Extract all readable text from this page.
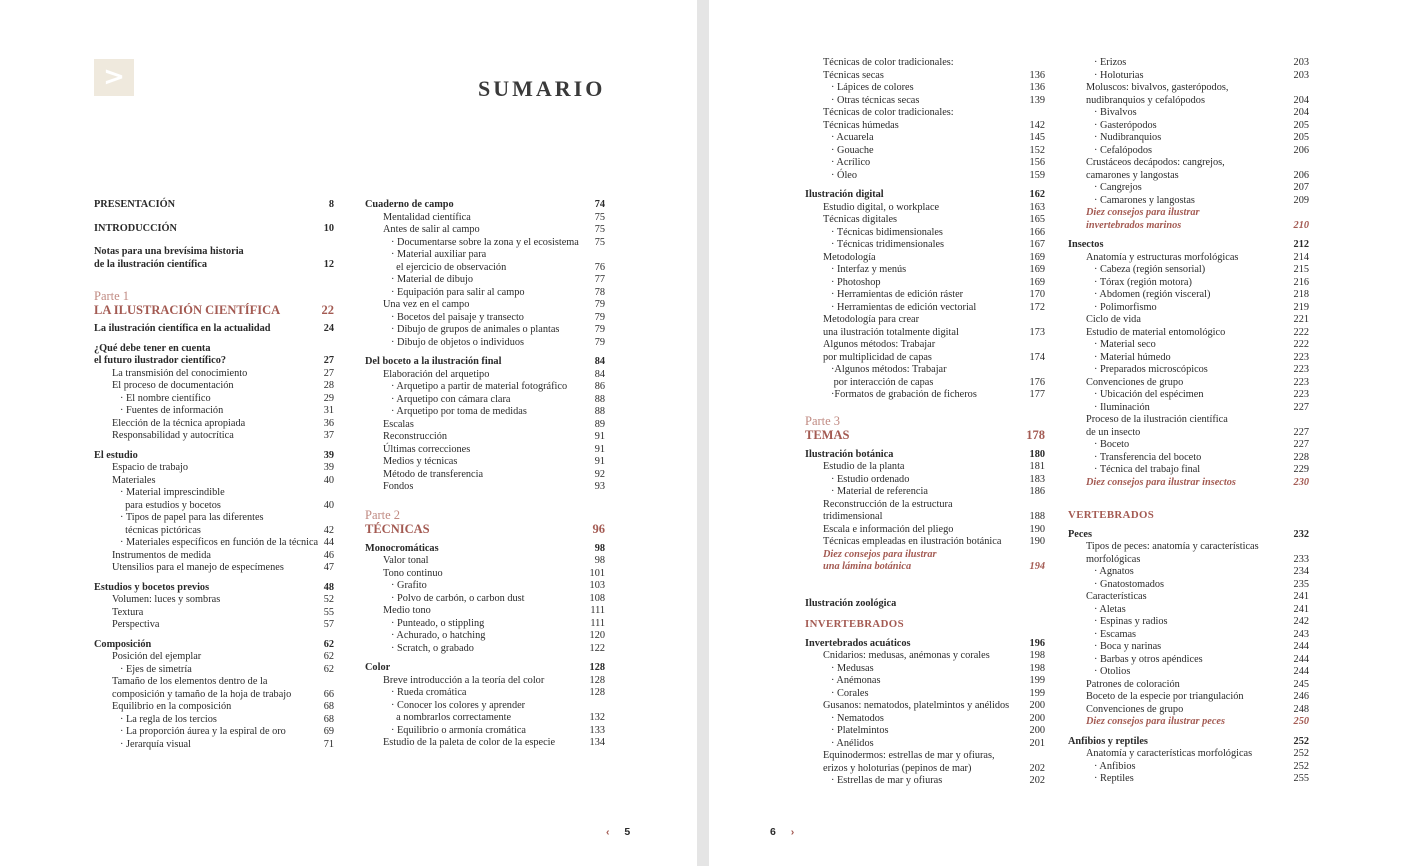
>	SUMARIO
PRESENTACIÓN	8
INTRODUCCIÓN	10
Notas para una brevísima historia
de la ilustración científica	12
Parte 1
LA ILUSTRACIÓN CIENTÍFICA	22
La ilustración científica en la actualidad	24
¿Qué debe tener en cuenta
el futuro ilustrador científico?	27
La transmisión del conocimiento	27
El proceso de documentación	28
· El nombre científico	29
· Fuentes de información	31
Elección de la técnica apropiada	36
Responsabilidad y autocrítica	37
El estudio	39
Espacio de trabajo	39
Materiales	40
· Material imprescindible
para estudios y bocetos	40
· Tipos de papel para las diferentes
técnicas pictóricas	42
· Materiales específicos en función de la técnica 44
Instrumentos de medida	46
Utensilios para el manejo de especímenes	47
Estudios y bocetos previos	48
Volumen: luces y sombras	52
Textura	55
Perspectiva	57
Composición	62
Posición del ejemplar	62
· Ejes de simetría	62
Tamaño de los elementos dentro de la
composición y tamaño de la hoja de trabajo	66
Equilibrio en la composición	68
· La regla de los tercios	68
· La proporción áurea y la espiral de oro	69
· Jerarquía visual	71
Cuaderno de campo	74
Mentalidad científica	75
Antes de salir al campo	75
· Documentarse sobre la zona y el ecosistema	75
· Material auxiliar para
el ejercicio de observación	76
· Material de dibujo	77
· Equipación para salir al campo	78
Una vez en el campo	79
· Bocetos del paisaje y transecto	79
· Dibujo de grupos de animales o plantas	79
· Dibujo de objetos o individuos	79
Del boceto a la ilustración final	84
Elaboración del arquetipo	84
· Arquetipo a partir de material fotográfico	86
· Arquetipo con cámara clara	88
· Arquetipo por toma de medidas	88
Escalas	89
Reconstrucción	91
Últimas correcciones	91
Medios y técnicas	91
Método de transferencia	92
Fondos	93
Parte 2
TÉCNICAS	96
Monocromáticas	98
Valor tonal	98
Tono continuo	101
· Grafito	103
· Polvo de carbón, o carbon dust	108
Medio tono	111
· Punteado, o stippling	111
· Achurado, o hatching	120
· Scratch, o grabado	122
Color	128
Breve introducción a la teoría del color	128
· Rueda cromática	128
· Conocer los colores y aprender
a nombrarlos correctamente	132
· Equilibrio o armonía cromática	133
Estudio de la paleta de color de la especie	134
‹ 5
Técnicas de color tradicionales:
Técnicas secas	136
· Lápices de colores	136
· Otras técnicas secas	139
Técnicas de color tradicionales:
Técnicas húmedas	142
· Acuarela	145
· Gouache	152
· Acrílico	156
· Óleo	159
Ilustración digital	162
Estudio digital, o workplace	163
Técnicas digitales	165
· Técnicas bidimensionales	166
· Técnicas tridimensionales	167
Metodología	169
· Interfaz y menús	169
· Photoshop	169
· Herramientas de edición ráster	170
· Herramientas de edición vectorial	172
Metodología para crear
una ilustración totalmente digital	173
Algunos métodos: Trabajar
por multiplicidad de capas	174
·Algunos métodos: Trabajar
por interacción de capas	176
·Formatos de grabación de ficheros	177
Parte 3
TEMAS	178
Ilustración botánica	180
Estudio de la planta	181
· Estudio ordenado	183
· Material de referencia	186
Reconstrucción de la estructura
tridimensional	188
Escala e información del pliego	190
Técnicas empleadas en ilustración botánica	190
Diez consejos para ilustrar
una lámina botánica	194
Ilustración zoológica
INVERTEBRADOS
Invertebrados acuáticos	196
Cnidarios: medusas, anémonas y corales	198
· Medusas	198
· Anémonas	199
· Corales	199
Gusanos: nematodos, platelmintos y anélidos	200
· Nematodos	200
· Platelmintos	200
· Anélidos	201
Equinodermos: estrellas de mar y ofiuras,
erizos y holoturias (pepinos de mar)	202
· Estrellas de mar y ofiuras	202
· Erizos	203
· Holoturias	203
Moluscos: bivalvos, gasterópodos,
nudibranquios y cefalópodos	204
· Bivalvos	204
· Gasterópodos	205
· Nudibranquios	205
· Cefalópodos	206
Crustáceos decápodos: cangrejos,
camarones y langostas	206
· Cangrejos	207
· Camarones y langostas	209
Diez consejos para ilustrar
invertebrados marinos	210
Insectos	212
Anatomía y estructuras morfológicas	214
· Cabeza (región sensorial)	215
· Tórax (región motora)	216
· Abdomen (región visceral)	218
· Polimorfismo	219
Ciclo de vida	221
Estudio de material entomológico	222
· Material seco	222
· Material húmedo	223
· Preparados microscópicos	223
Convenciones de grupo	223
· Ubicación del espécimen	223
· Iluminación	227
Proceso de la ilustración científica
de un insecto	227
· Boceto	227
· Transferencia del boceto	228
· Técnica del trabajo final	229
Diez consejos para ilustrar insectos	230
VERTEBRADOS
Peces	232
Tipos de peces: anatomía y características
morfológicas	233
· Agnatos	234
· Gnatostomados	235
Características	241
· Aletas	241
· Espinas y radios	242
· Escamas	243
· Boca y narinas	244
· Barbas y otros apéndices	244
· Otolios	244
Patrones de coloración	245
Boceto de la especie por triangulación	246
Convenciones de grupo	248
Diez consejos para ilustrar peces	250
Anfibios y reptiles	252
Anatomía y características morfológicas	252
· Anfibios	252
· Reptiles	255
6 ›
